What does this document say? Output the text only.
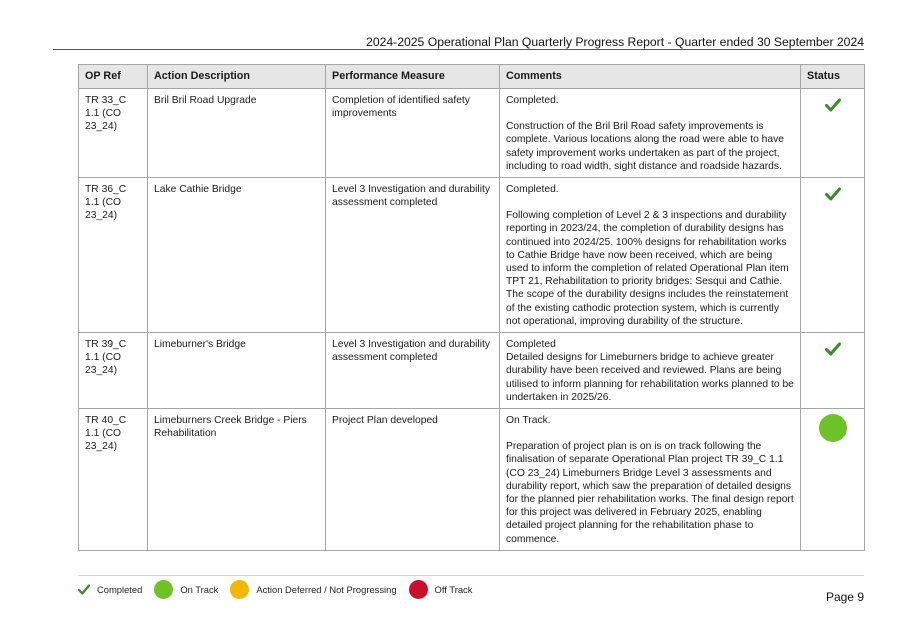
2024-2025 Operational Plan Quarterly Progress Report - Quarter ended 30 September 2024
OP Ref	Action Description	Performance Measure	Comments	Status
TR 33_C 1.1 (CO 23_24)	Bril Bril Road Upgrade	Completion of identified safety improvements	Completed.

Construction of the Bril Bril Road safety improvements is complete. Various locations along the road were able to have safety improvement works undertaken as part of the project, including to road width, sight distance and roadside hazards.

TR 36_C 1.1 (CO 23_24)	Lake Cathie Bridge	Level 3 Investigation and durability assessment completed	Completed.

Following completion of Level 2 & 3 inspections and durability reporting in 2023/24, the completion of durability designs has continued into 2024/25. 100% designs for rehabilitation works to Cathie Bridge have now been received, which are being used to inform the completion of related Operational Plan item TPT 21, Rehabilitation to priority bridges: Sesqui and Cathie. The scope of the durability designs includes the reinstatement of the existing cathodic protection system, which is currently not operational, improving durability of the structure.

TR 39_C 1.1 (CO 23_24)	Limeburner's Bridge	Level 3 Investigation and durability assessment completed	Completed

Detailed designs for Limeburners bridge to achieve greater durability have been received and reviewed. Plans are being utilised to inform planning for rehabilitation works planned to be undertaken in 2025/26.

TR 40_C 1.1 (CO 23_24)	Limeburners Creek Bridge - Piers Rehabilitation	Project Plan developed	On Track.

Preparation of project plan is on is on track following the finalisation of separate Operational Plan project TR 39_C 1.1 (CO 23_24) Limeburners Bridge Level 3 assessments and durability report, which saw the preparation of detailed designs for the planned pier rehabilitation works. The final design report for this project was delivered in February 2025, enabling detailed project planning for the rehabilitation phase to commence.	

Completed	On Track	Action Deferred / Not Progressing	Off Track
Page 9
